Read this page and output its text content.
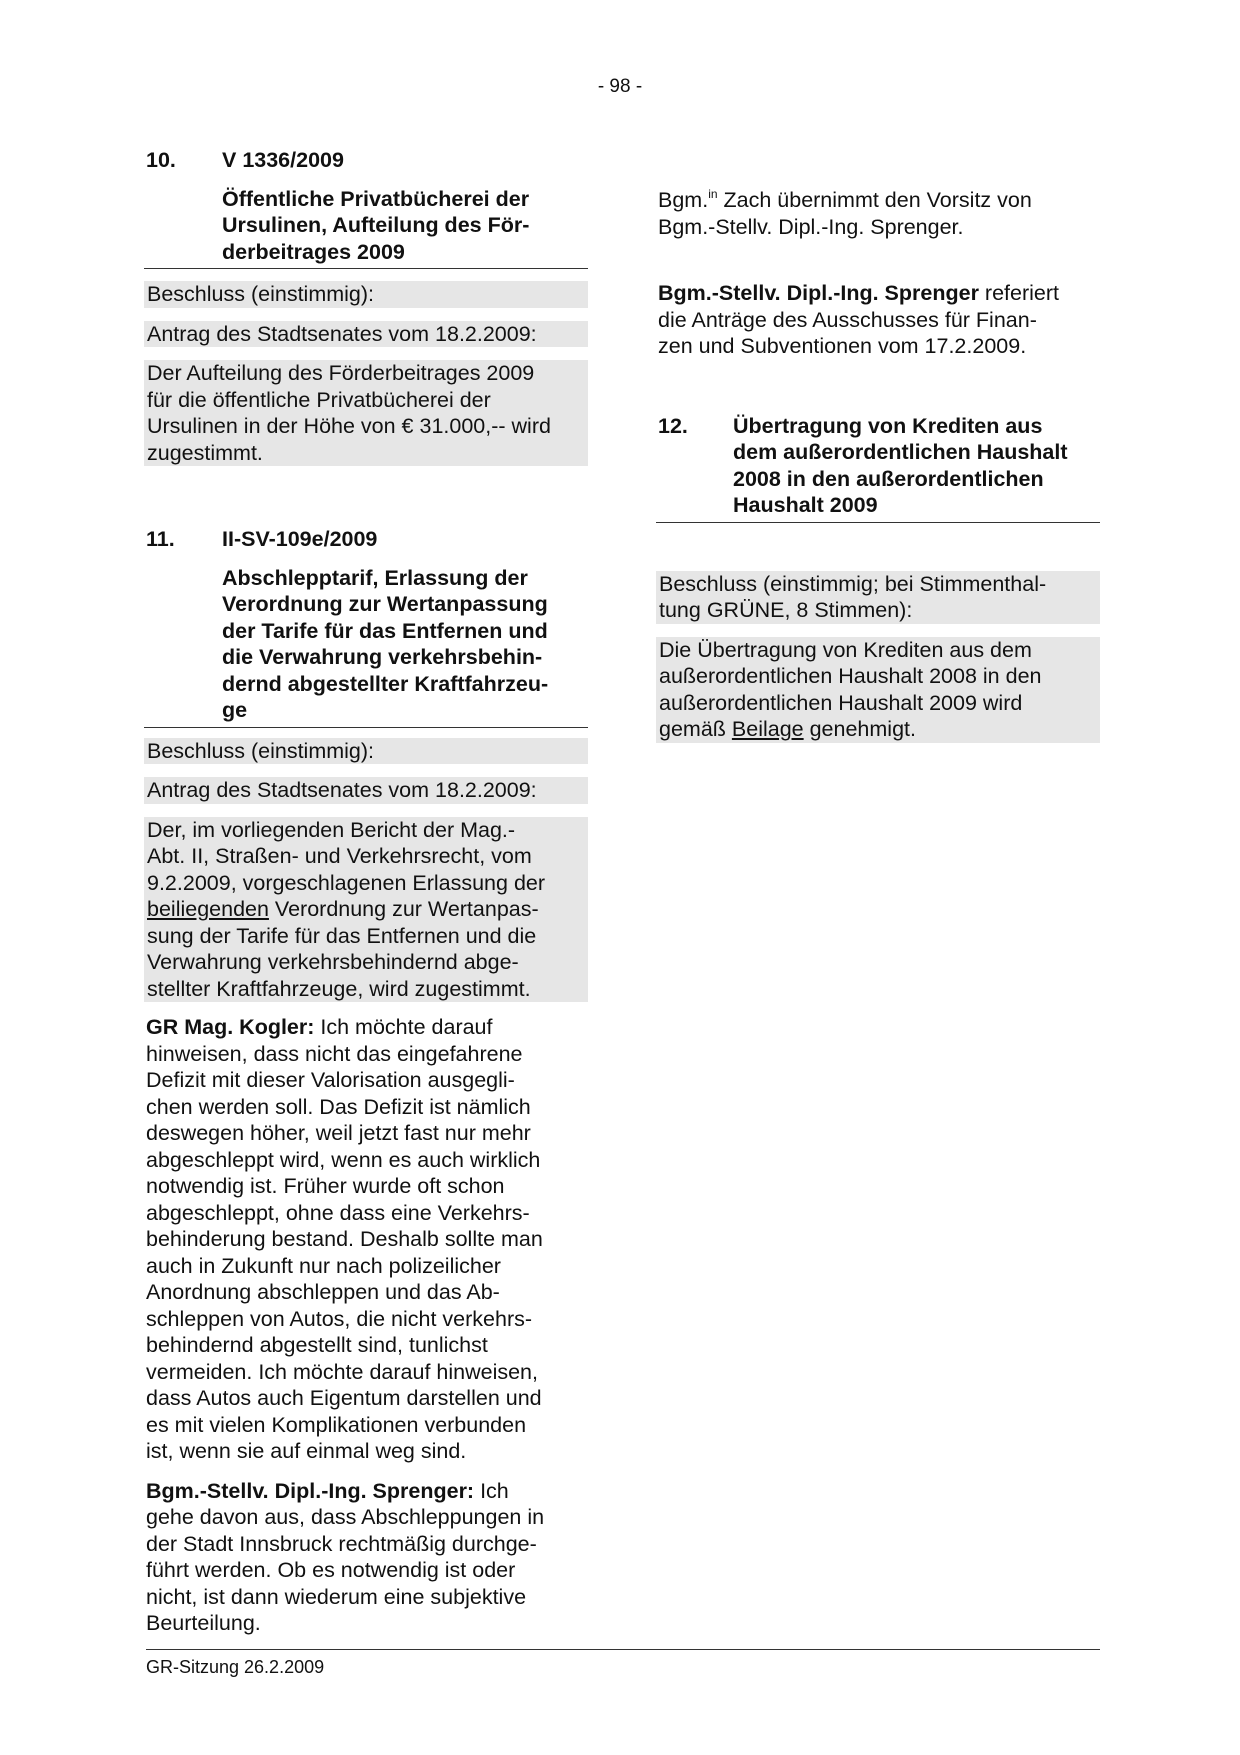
- 98 -
10.	V 1336/2009
Öffentliche Privatbücherei der
Ursulinen, Aufteilung des För-
derbeitrages 2009

Beschluss (einstimmig):

Antrag des Stadtsenates vom 18.2.2009:

Der Aufteilung des Förderbeitrages 2009
für die öffentliche Privatbücherei der
Ursulinen in der Höhe von € 31.000,-- wird
zugestimmt.

11.	II-SV-109e/2009
Abschlepptarif, Erlassung der
Verordnung zur Wertanpassung
der Tarife für das Entfernen und
die Verwahrung verkehrsbehin-
dernd abgestellter Kraftfahrzeu-
ge

Beschluss (einstimmig):

Antrag des Stadtsenates vom 18.2.2009:

Der, im vorliegenden Bericht der Mag.-
Abt. II, Straßen- und Verkehrsrecht, vom
9.2.2009, vorgeschlagenen Erlassung der
beiliegenden Verordnung zur Wertanpas-
sung der Tarife für das Entfernen und die
Verwahrung verkehrsbehindernd abge-
stellter Kraftfahrzeuge, wird zugestimmt.

GR Mag. Kogler: Ich möchte darauf
hinweisen, dass nicht das eingefahrene
Defizit mit dieser Valorisation ausgegli-
chen werden soll. Das Defizit ist nämlich
deswegen höher, weil jetzt fast nur mehr
abgeschleppt wird, wenn es auch wirklich
notwendig ist. Früher wurde oft schon
abgeschleppt, ohne dass eine Verkehrs-
behinderung bestand. Deshalb sollte man
auch in Zukunft nur nach polizeilicher
Anordnung abschleppen und das Ab-
schleppen von Autos, die nicht verkehrs-
behindernd abgestellt sind, tunlichst
vermeiden. Ich möchte darauf hinweisen,
dass Autos auch Eigentum darstellen und
es mit vielen Komplikationen verbunden
ist, wenn sie auf einmal weg sind.

Bgm.-Stellv. Dipl.-Ing. Sprenger: Ich
gehe davon aus, dass Abschleppungen in
der Stadt Innsbruck rechtmäßig durchge-
führt werden. Ob es notwendig ist oder
nicht, ist dann wiederum eine subjektive
Beurteilung.

Bgm.$^{in}$ Zach übernimmt den Vorsitz von
Bgm.-Stellv. Dipl.-Ing. Sprenger.

Bgm.-Stellv. Dipl.-Ing. Sprenger referiert
die Anträge des Ausschusses für Finan-
zen und Subventionen vom 17.2.2009.

12.	Übertragung von Krediten aus
dem außerordentlichen Haushalt
2008 in den außerordentlichen
Haushalt 2009

Beschluss (einstimmig; bei Stimmenthal-
tung GRÜNE, 8 Stimmen):

Die Übertragung von Krediten aus dem
außerordentlichen Haushalt 2008 in den
außerordentlichen Haushalt 2009 wird
gemäß Beilage genehmigt.

GR-Sitzung 26.2.2009
